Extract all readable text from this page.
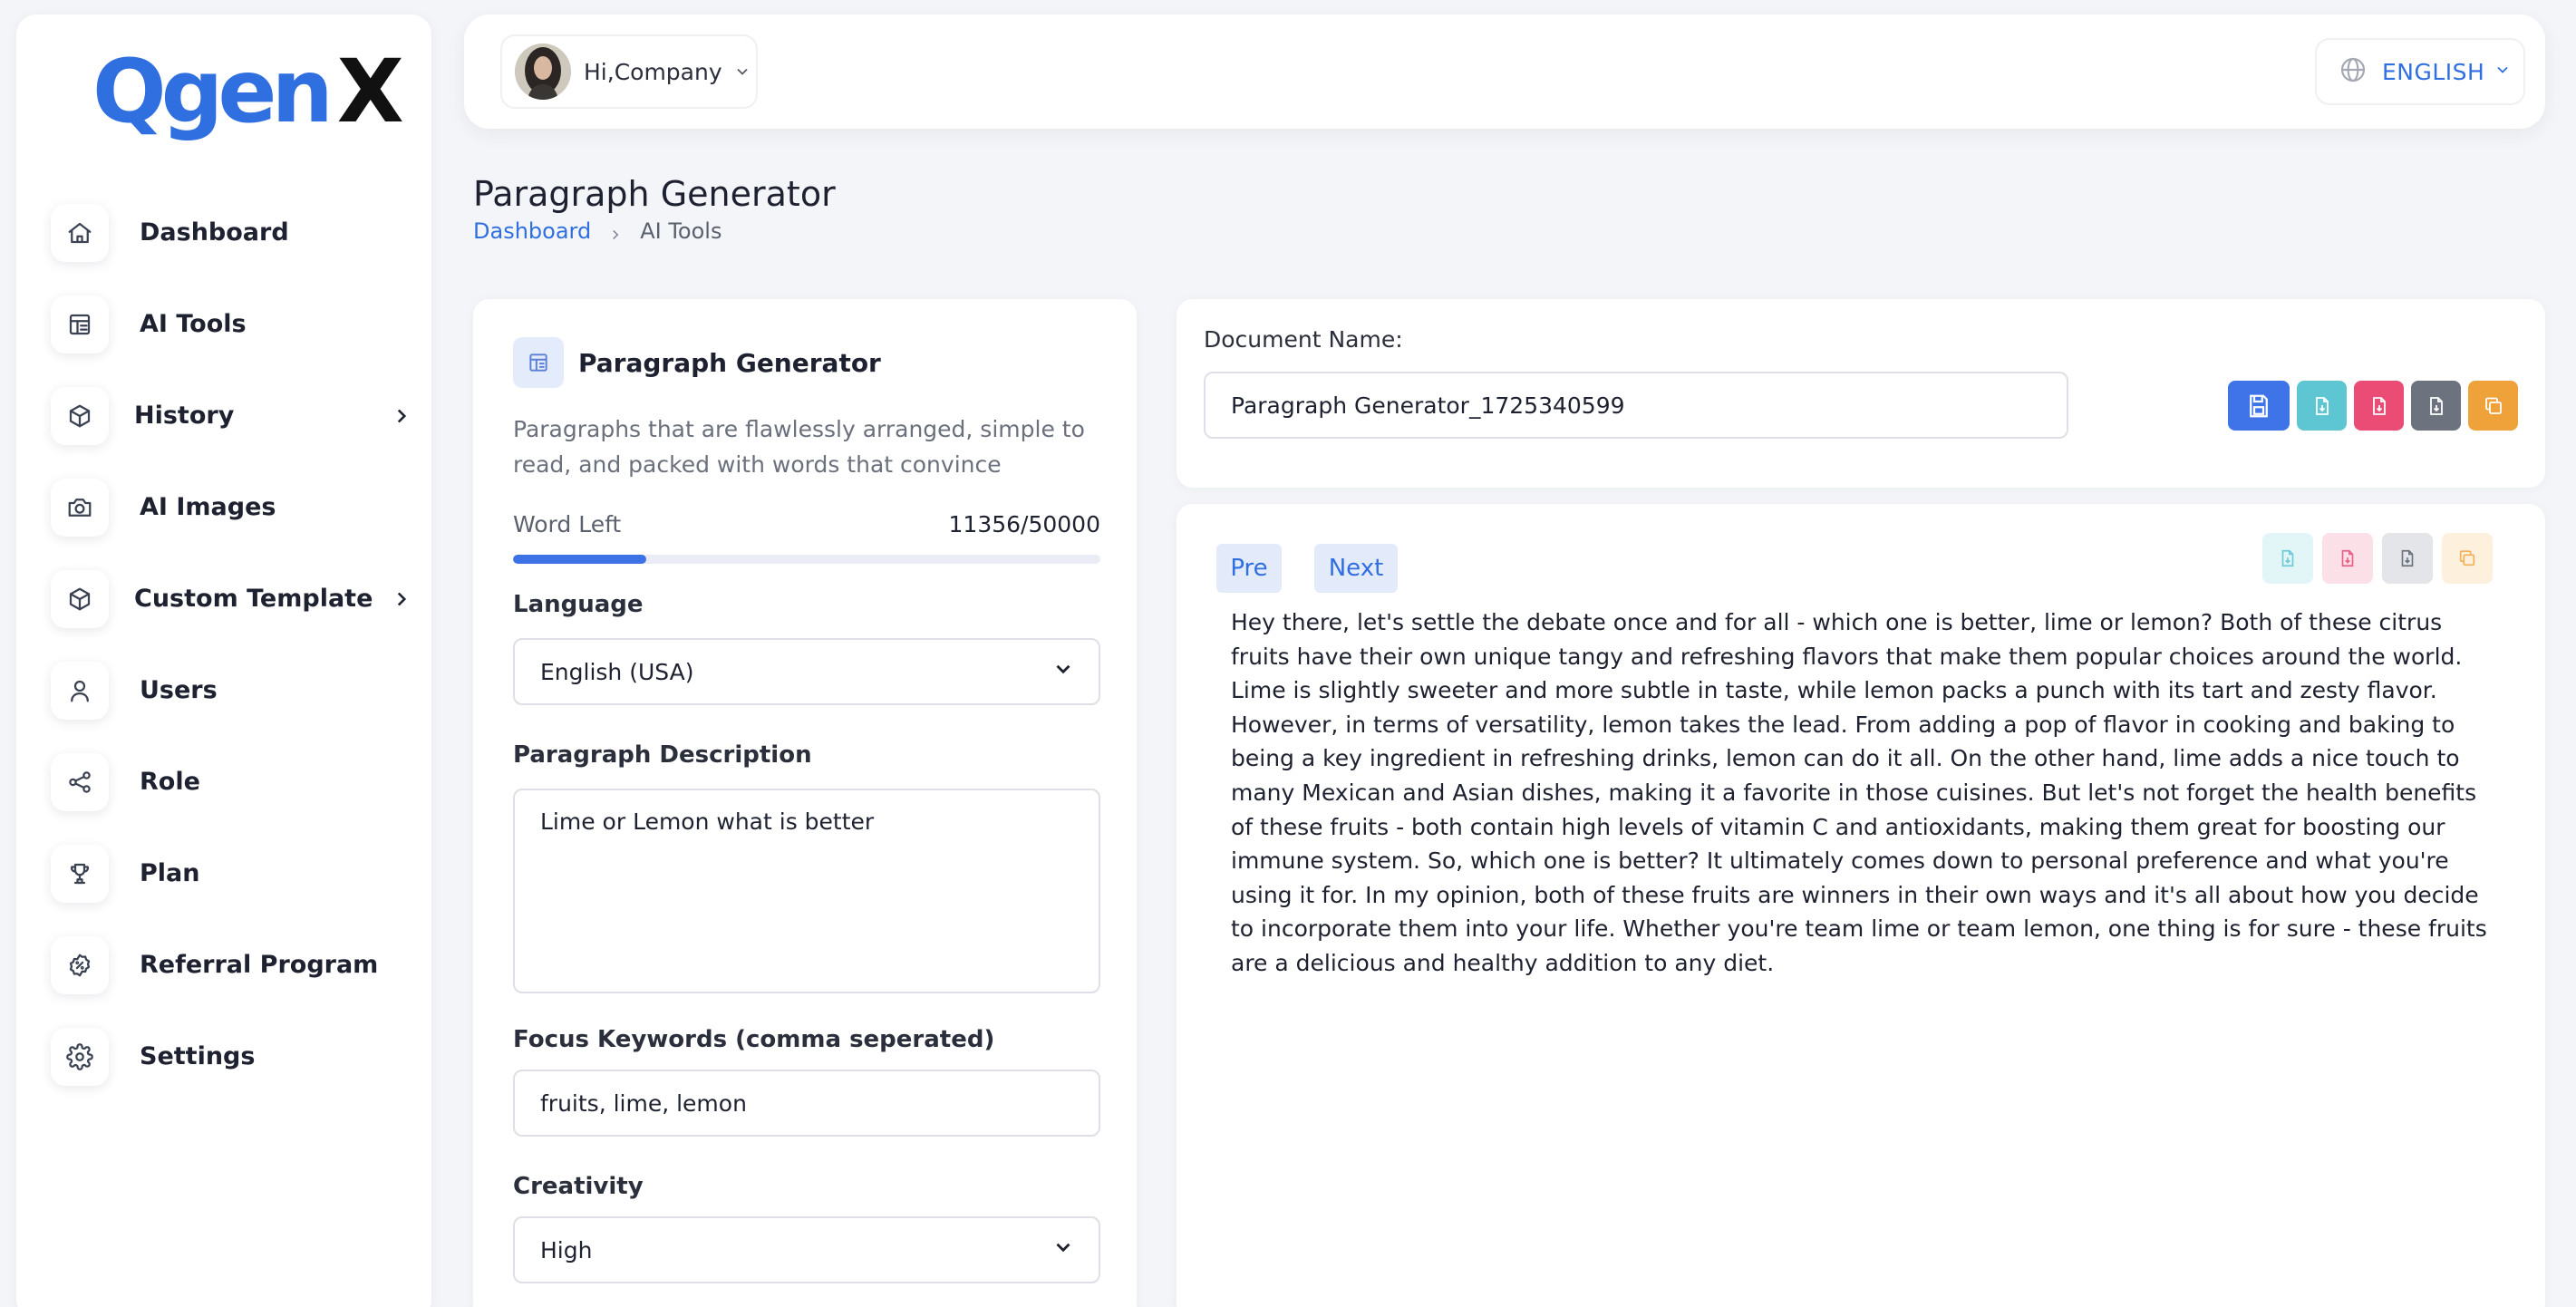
Qgen X
Dashboard
AI Tools
History
AI Images
Custom Template
Users
Role
Plan
Referral Program
Settings
Hi,Company	ENGLISH
Paragraph Generator
Dashboard AI Tools
Paragraph Generator
Paragraphs that are flawlessly arranged, simple to read, and packed with words that convince
Word Left	11356/50000
Language
English (USA)
Paragraph Description
Lime or Lemon what is better
Focus Keywords (comma seperated)
fruits, lime, lemon
Creativity
High
Document Name:
Paragraph Generator_1725340599
Pre	Next
Hey there, let's settle the debate once and for all - which one is better, lime or lemon? Both of these citrus fruits have their own unique tangy and refreshing flavors that make them popular choices around the world. Lime is slightly sweeter and more subtle in taste, while lemon packs a punch with its tart and zesty flavor. However, in terms of versatility, lemon takes the lead. From adding a pop of flavor in cooking and baking to being a key ingredient in refreshing drinks, lemon can do it all. On the other hand, lime adds a nice touch to many Mexican and Asian dishes, making it a favorite in those cuisines. But let's not forget the health benefits of these fruits - both contain high levels of vitamin C and antioxidants, making them great for boosting our immune system. So, which one is better? It ultimately comes down to personal preference and what you're using it for. In my opinion, both of these fruits are winners in their own ways and it's all about how you decide to incorporate them into your life. Whether you're team lime or team lemon, one thing is for sure - these fruits are a delicious and healthy addition to any diet.
